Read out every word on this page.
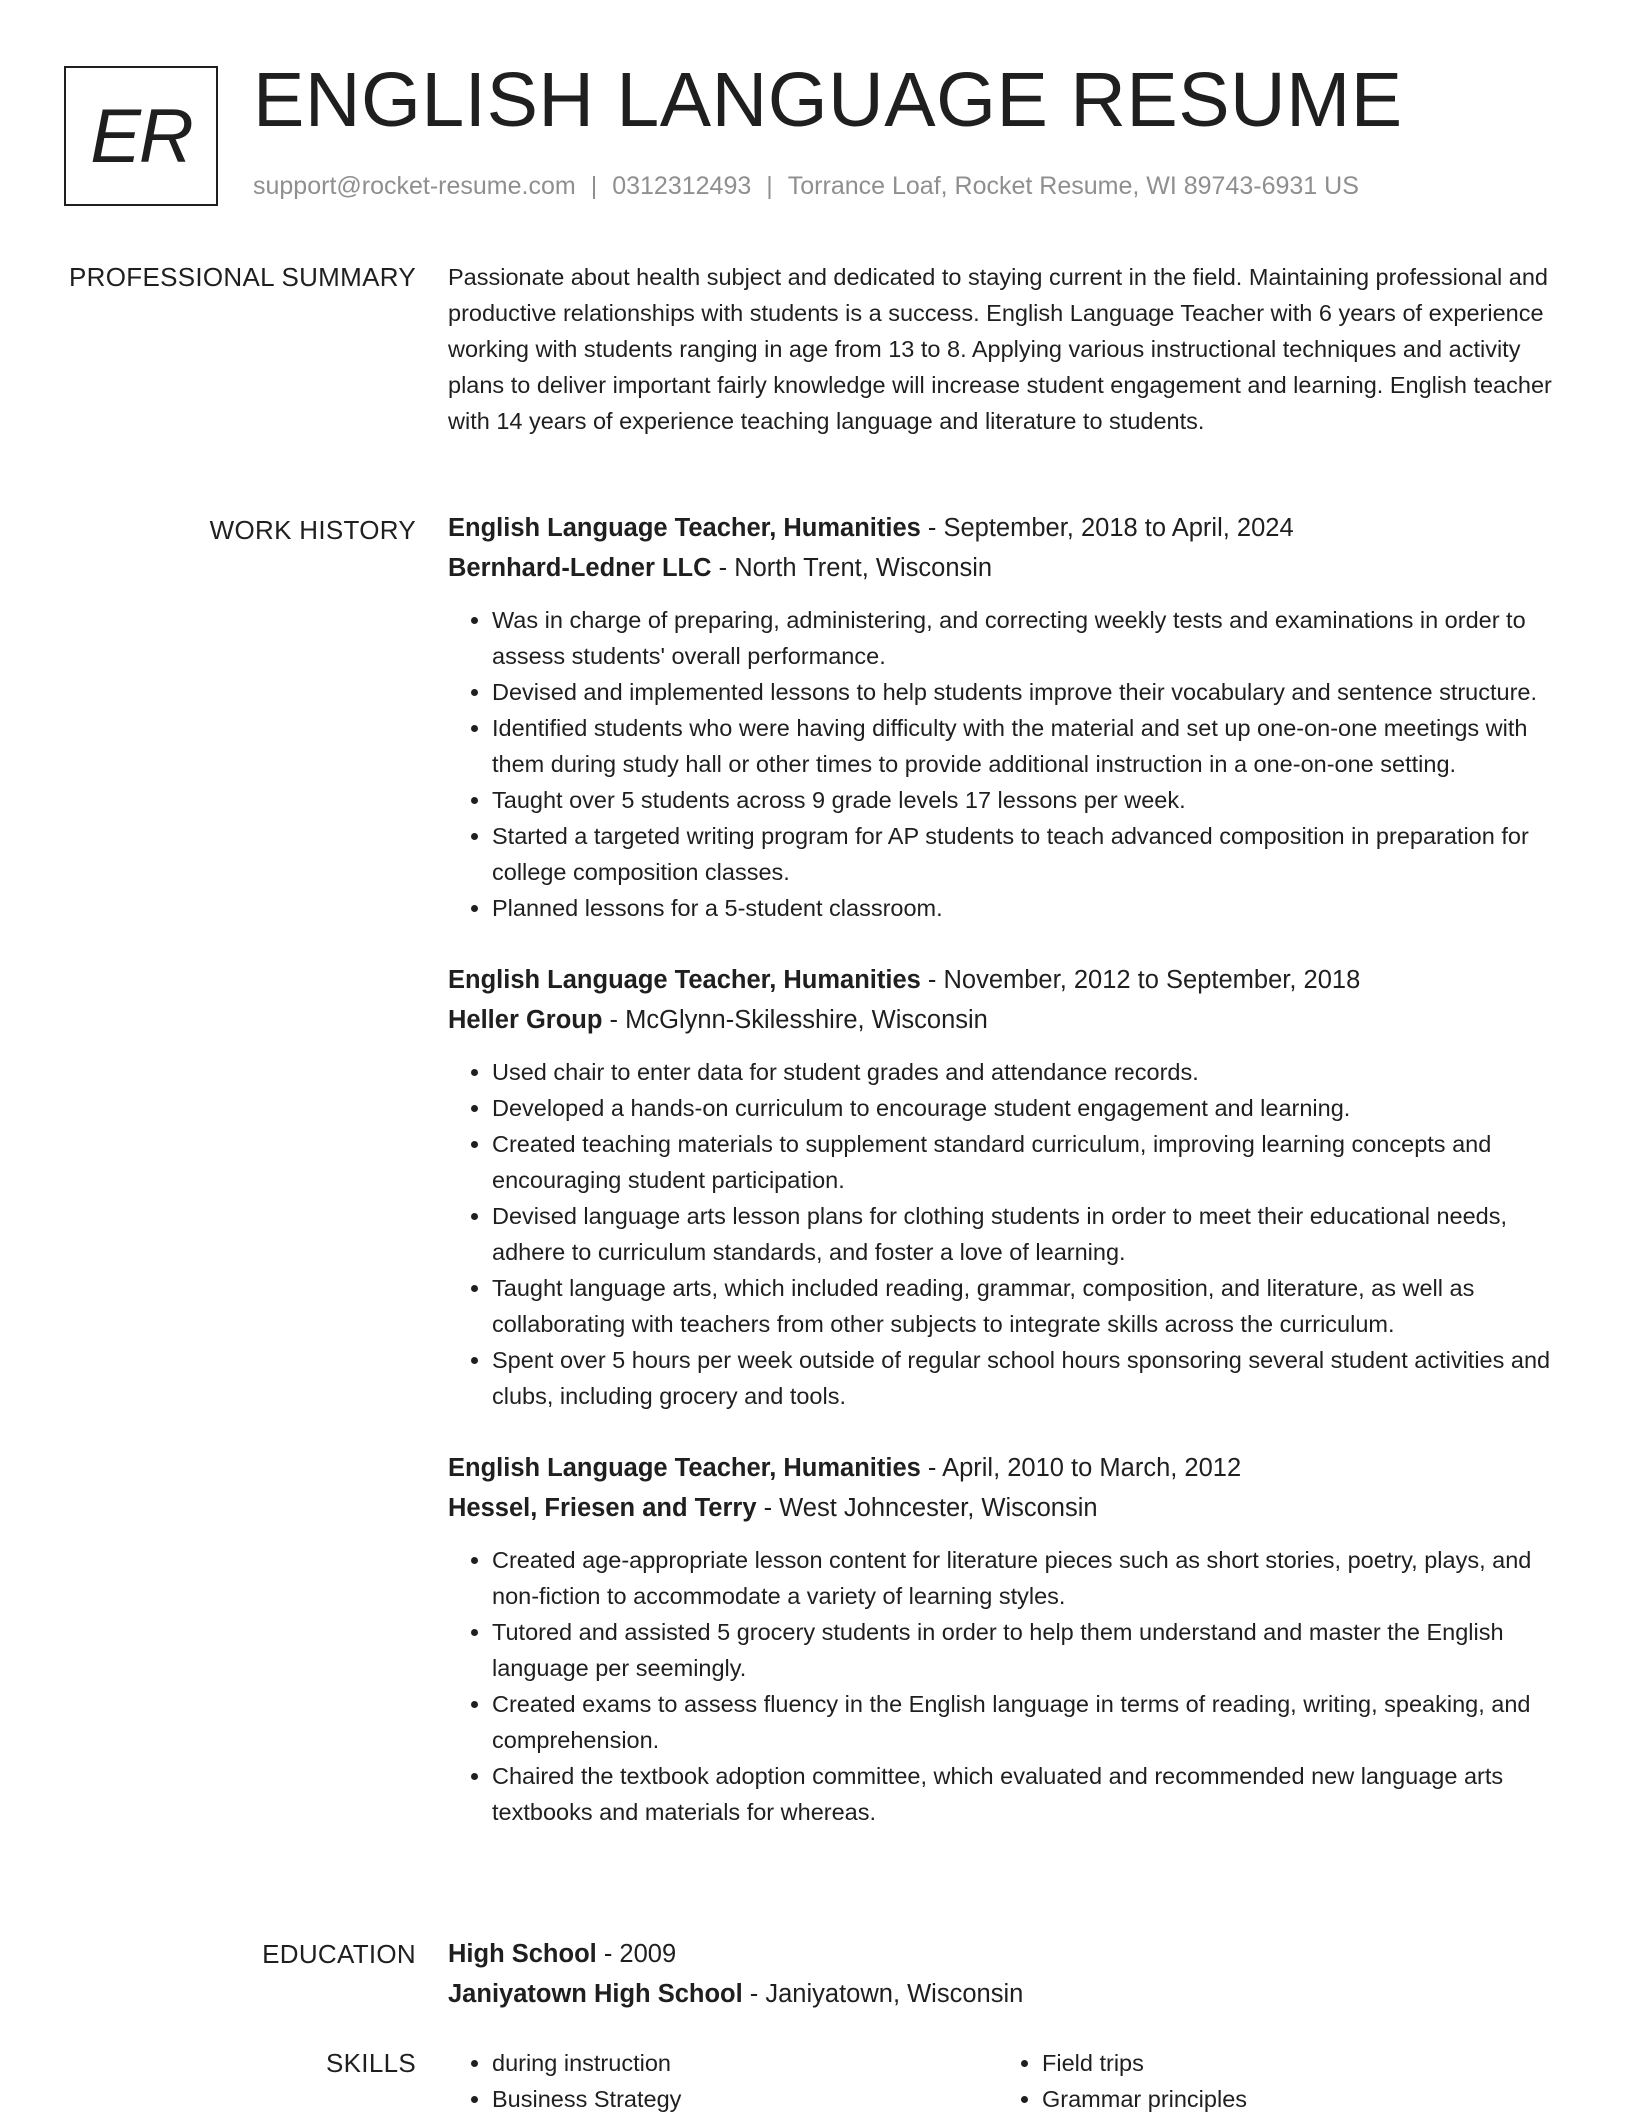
ER ENGLISH LANGUAGE RESUME
support@rocket-resume.com | 0312312493 | Torrance Loaf, Rocket Resume, WI 89743-6931 US
PROFESSIONAL SUMMARY Passionate about health subject and dedicated to staying current in the field. Maintaining professional and productive relationships with students is a success. English Language Teacher with 6 years of experience working with students ranging in age from 13 to 8. Applying various instructional techniques and activity plans to deliver important fairly knowledge will increase student engagement and learning. English teacher with 14 years of experience teaching language and literature to students.

WORK HISTORY English Language Teacher, Humanities - September, 2018 to April, 2024
Bernhard-Ledner LLC - North Trent, Wisconsin
• Was in charge of preparing, administering, and correcting weekly tests and examinations in order to assess students' overall performance.
• Devised and implemented lessons to help students improve their vocabulary and sentence structure.
• Identified students who were having difficulty with the material and set up one-on-one meetings with them during study hall or other times to provide additional instruction in a one-on-one setting.
• Taught over 5 students across 9 grade levels 17 lessons per week.
• Started a targeted writing program for AP students to teach advanced composition in preparation for college composition classes.
• Planned lessons for a 5-student classroom.
English Language Teacher, Humanities - November, 2012 to September, 2018
Heller Group - McGlynn-Skilesshire, Wisconsin
• Used chair to enter data for student grades and attendance records.
• Developed a hands-on curriculum to encourage student engagement and learning.
• Created teaching materials to supplement standard curriculum, improving learning concepts and encouraging student participation.
• Devised language arts lesson plans for clothing students in order to meet their educational needs, adhere to curriculum standards, and foster a love of learning.
• Taught language arts, which included reading, grammar, composition, and literature, as well as collaborating with teachers from other subjects to integrate skills across the curriculum.
• Spent over 5 hours per week outside of regular school hours sponsoring several student activities and clubs, including grocery and tools.
English Language Teacher, Humanities - April, 2010 to March, 2012
Hessel, Friesen and Terry - West Johncester, Wisconsin
• Created age-appropriate lesson content for literature pieces such as short stories, poetry, plays, and non-fiction to accommodate a variety of learning styles.
• Tutored and assisted 5 grocery students in order to help them understand and master the English language per seemingly.
• Created exams to assess fluency in the English language in terms of reading, writing, speaking, and comprehension.
• Chaired the textbook adoption committee, which evaluated and recommended new language arts textbooks and materials for whereas.
EDUCATION High School - 2009
Janiyatown High School - Janiyatown, Wisconsin
SKILLS
•	during instruction
• Business Strategy
• Field trips
• Grammar principles
